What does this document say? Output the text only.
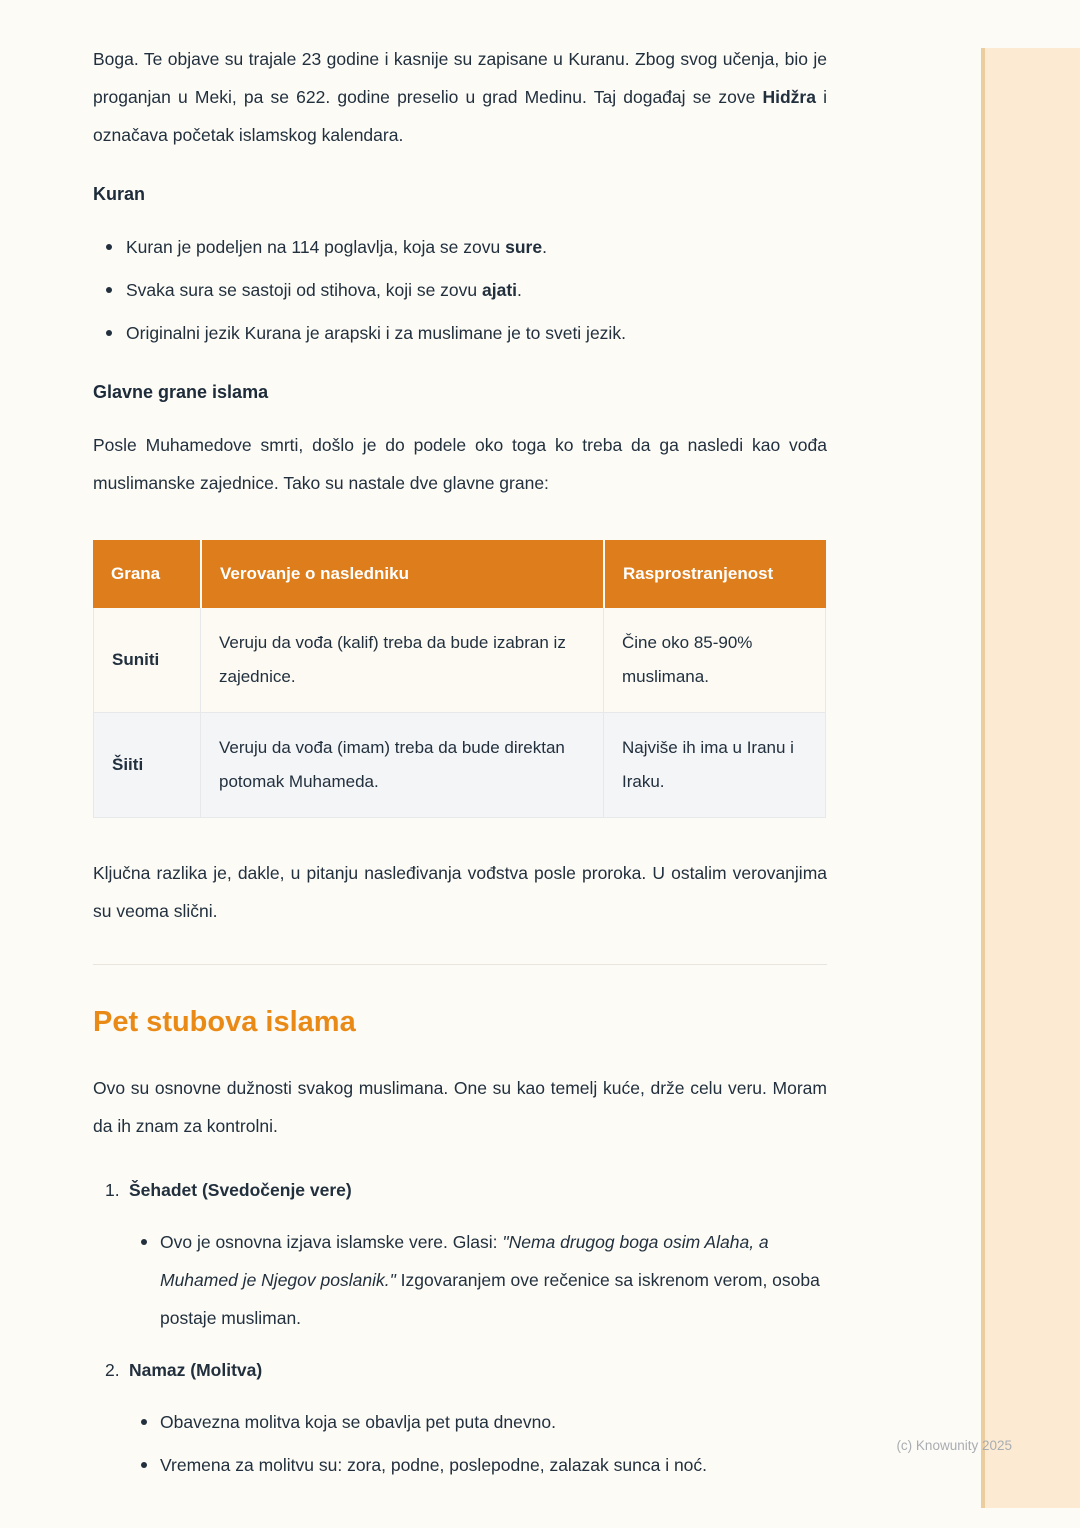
Boga. Te objave su trajale 23 godine i kasnije su zapisane u Kuranu. Zbog svog učenja, bio je proganjan u Meki, pa se 622. godine preselio u grad Medinu. Taj događaj se zove Hidžra i označava početak islamskog kalendara.

Kuran
Kuran je podeljen na 114 poglavlja, koja se zovu sure.
Svaka sura se sastoji od stihova, koji se zovu ajati.
Originalni jezik Kurana je arapski i za muslimane je to sveti jezik.
Glavne grane islama

Posle Muhamedove smrti, došlo je do podele oko toga ko treba da ga nasledi kao vođa muslimanske zajednice. Tako su nastale dve glavne grane:

Grana	Verovanje o nasledniku	Rasprostranjenost
Suniti	Veruju da vođa (kalif) treba da bude izabran iz zajednice.	Čine oko 85-90% muslimana.
Šiiti	Veruju da vođa (imam) treba da bude direktan potomak Muhameda.	Najviše ih ima u Iranu i Iraku.

Ključna razlika je, dakle, u pitanju nasleđivanja vođstva posle proroka. U ostalim verovanjima su veoma slični.

Pet stubova islama

Ovo su osnovne dužnosti svakog muslimana. One su kao temelj kuće, drže celu veru. Moram da ih znam za kontrolni.

1. Šehadet (Svedočenje vere)
Ovo je osnovna izjava islamske vere. Glasi: "Nema drugog boga osim Alaha, a Muhamed je Njegov poslanik." Izgovaranjem ove rečenice sa iskrenom verom, osoba postaje musliman.
2. Namaz (Molitva)
Obavezna molitva koja se obavlja pet puta dnevno.
Vremena za molitvu su: zora, podne, poslepodne, zalazak sunca i noć.
(c) Knowunity 2025
